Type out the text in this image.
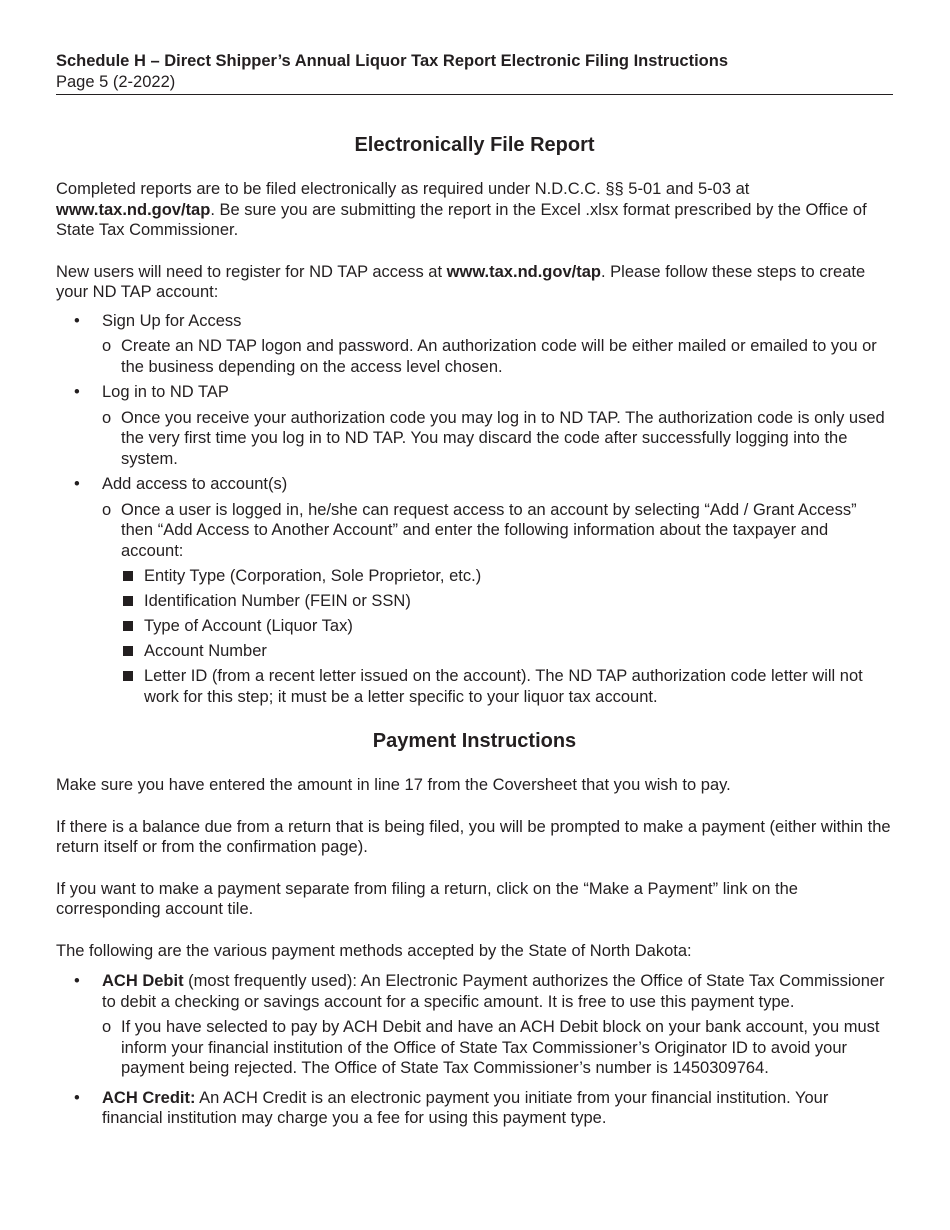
Schedule H – Direct Shipper’s Annual Liquor Tax Report Electronic Filing Instructions
Page 5 (2-2022)
Electronically File Report

Completed reports are to be filed electronically as required under N.D.C.C. §§ 5-01 and 5-03 at www.tax.nd.gov/tap. Be sure you are submitting the report in the Excel .xlsx format prescribed by the Office of State Tax Commissioner.

New users will need to register for ND TAP access at www.tax.nd.gov/tap. Please follow these steps to create your ND TAP account:

• Sign Up for Access
o Create an ND TAP logon and password. An authorization code will be either mailed or emailed to you or the business depending on the access level chosen.
• Log in to ND TAP
o Once you receive your authorization code you may log in to ND TAP. The authorization code is only used the very first time you log in to ND TAP. You may discard the code after successfully logging into the system.
• Add access to account(s)
o Once a user is logged in, he/she can request access to an account by selecting “Add / Grant Access” then “Add Access to Another Account” and enter the following information about the taxpayer and account:
Entity Type (Corporation, Sole Proprietor, etc.)
Identification Number (FEIN or SSN)
Type of Account (Liquor Tax)
Account Number
Letter ID (from a recent letter issued on the account). The ND TAP authorization code letter will not work for this step; it must be a letter specific to your liquor tax account.
Payment Instructions

Make sure you have entered the amount in line 17 from the Coversheet that you wish to pay.

If there is a balance due from a return that is being filed, you will be prompted to make a payment (either within the return itself or from the confirmation page).

If you want to make a payment separate from filing a return, click on the “Make a Payment” link on the corresponding account tile.

The following are the various payment methods accepted by the State of North Dakota:

• ACH Debit (most frequently used): An Electronic Payment authorizes the Office of State Tax Commissioner to debit a checking or savings account for a specific amount. It is free to use this payment type.
o If you have selected to pay by ACH Debit and have an ACH Debit block on your bank account, you must inform your financial institution of the Office of State Tax Commissioner’s Originator ID to avoid your payment being rejected. The Office of State Tax Commissioner’s number is 1450309764.
• ACH Credit: An ACH Credit is an electronic payment you initiate from your financial institution. Your financial institution may charge you a fee for using this payment type.
